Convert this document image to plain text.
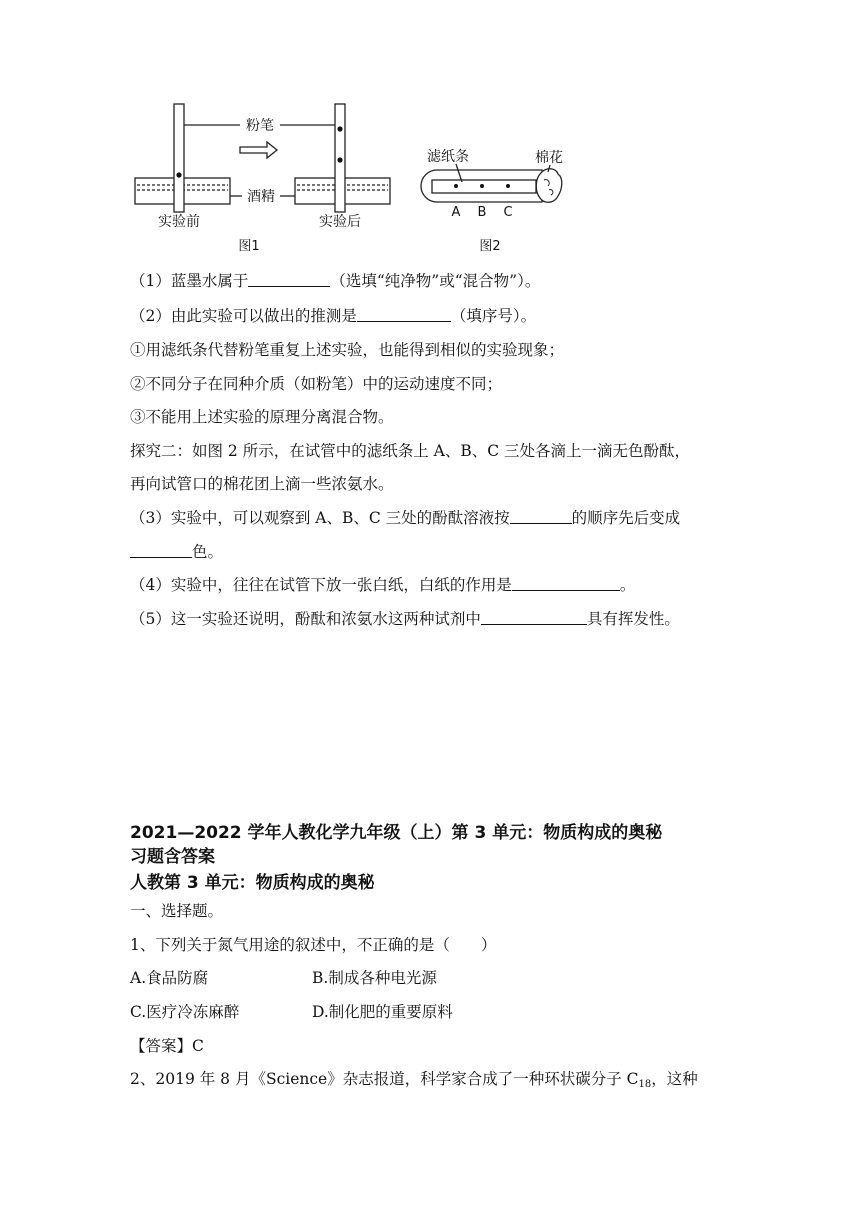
粉笔
酒精
实验前	实验后
图1
滤纸条	棉花
A B C
图2
（1）蓝墨水属于	（选填“纯净物”或“混合物”）。
（2）由此实验可以做出的推测是	（填序号）。
①用滤纸条代替粉笔重复上述实验，也能得到相似的实验现象；
②不同分子在同种介质（如粉笔）中的运动速度不同；
③不能用上述实验的原理分离混合物。
探究二：如图 2 所示，在试管中的滤纸条上 A、B、C 三处各滴上一滴无色酚酞，
再向试管口的棉花团上滴一些浓氨水。
（3）实验中，可以观察到 A、B、C 三处的酚酞溶液按	的顺序先后变成
色。
（4）实验中，往往在试管下放一张白纸，白纸的作用是	。
（5）这一实验还说明，酚酞和浓氨水这两种试剂中	具有挥发性。
2021—2022 学年人教化学九年级（上）第 3 单元：物质构成的奥秘
习题含答案
人教第 3 单元：物质构成的奥秘
一、选择题。
1、下列关于氮气用途的叙述中，不正确的是（　　）
A.食品防腐	B.制成各种电光源
C.医疗冷冻麻醉	D.制化肥的重要原料
【答案】C
2、2019 年 8 月《Science》杂志报道，科学家合成了一种环状碳分子 $C_{18}$，这种
